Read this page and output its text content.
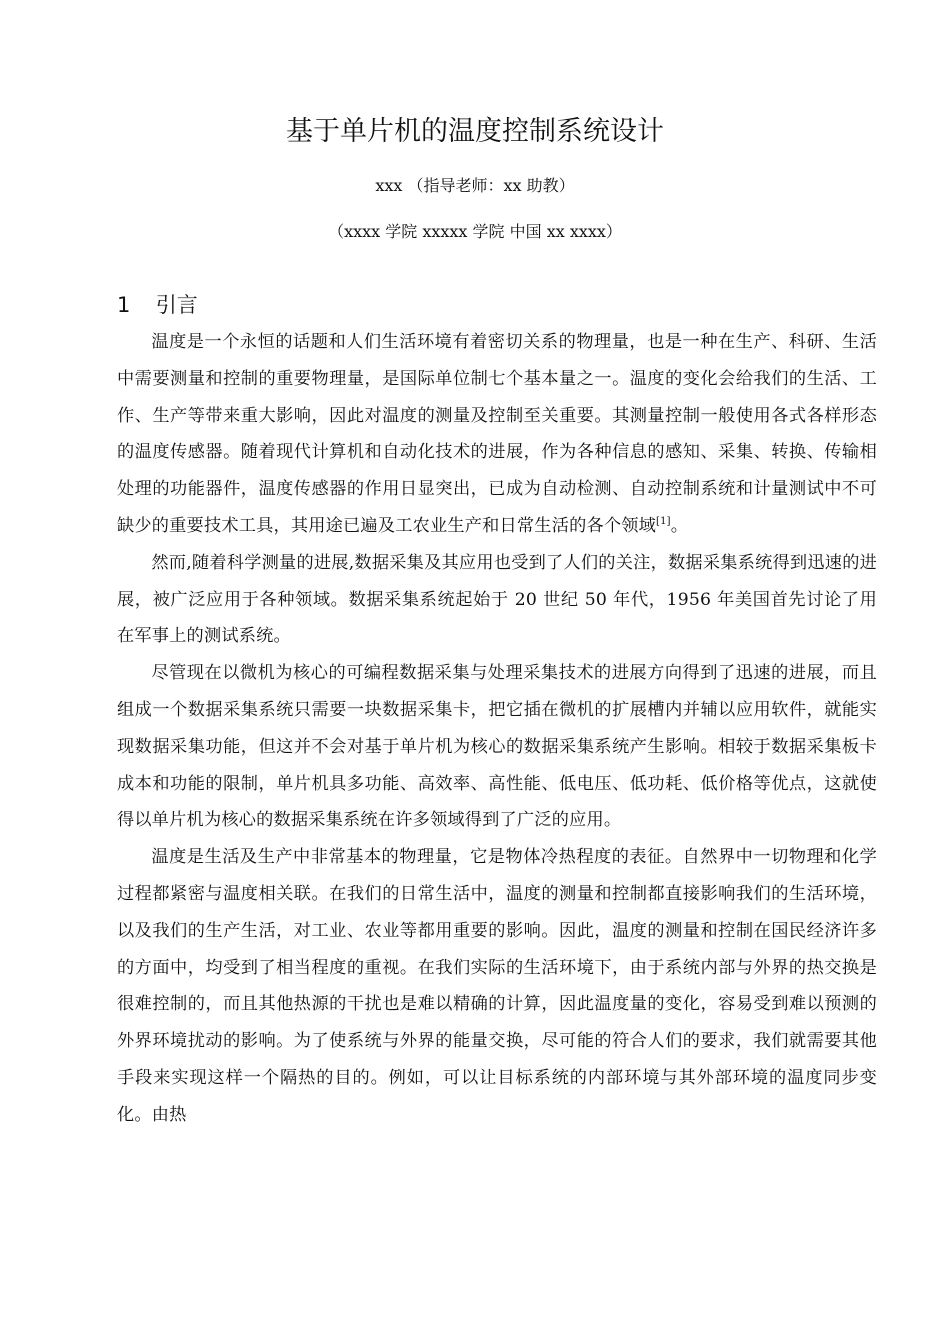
基于单片机的温度控制系统设计
xxx （指导老师：xx 助教）
（xxxx 学院 xxxxx 学院 中国 xx xxxx）
1 引言

温度是一个永恒的话题和人们生活环境有着密切关系的物理量，也是一种在生产、科研、生活中需要测量和控制的重要物理量，是国际单位制七个基本量之一。温度的变化会给我们的生活、工作、生产等带来重大影响，因此对温度的测量及控制至关重要。其测量控制一般使用各式各样形态的温度传感器。随着现代计算机和自动化技术的进展，作为各种信息的感知、采集、转换、传输相处理的功能器件，温度传感器的作用日显突出，已成为自动检测、自动控制系统和计量测试中不可缺少的重要技术工具，其用途已遍及工农业生产和日常生活的各个领域[1]。

然而,随着科学测量的进展,数据采集及其应用也受到了人们的关注，数据采集系统得到迅速的进展，被广泛应用于各种领域。数据采集系统起始于 20 世纪 50 年代，1956 年美国首先讨论了用在军事上的测试系统。

尽管现在以微机为核心的可编程数据采集与处理采集技术的进展方向得到了迅速的进展，而且组成一个数据采集系统只需要一块数据采集卡，把它插在微机的扩展槽内并辅以应用软件，就能实现数据采集功能，但这并不会对基于单片机为核心的数据采集系统产生影响。相较于数据采集板卡成本和功能的限制，单片机具多功能、高效率、高性能、低电压、低功耗、低价格等优点，这就使得以单片机为核心的数据采集系统在许多领域得到了广泛的应用。

温度是生活及生产中非常基本的物理量，它是物体冷热程度的表征。自然界中一切物理和化学过程都紧密与温度相关联。在我们的日常生活中，温度的测量和控制都直接影响我们的生活环境，以及我们的生产生活，对工业、农业等都用重要的影响。因此，温度的测量和控制在国民经济许多的方面中，均受到了相当程度的重视。在我们实际的生活环境下，由于系统内部与外界的热交换是很难控制的，而且其他热源的干扰也是难以精确的计算，因此温度量的变化，容易受到难以预测的外界环境扰动的影响。为了使系统与外界的能量交换，尽可能的符合人们的要求，我们就需要其他手段来实现这样一个隔热的目的。例如，可以让目标系统的内部环境与其外部环境的温度同步变化。由热
